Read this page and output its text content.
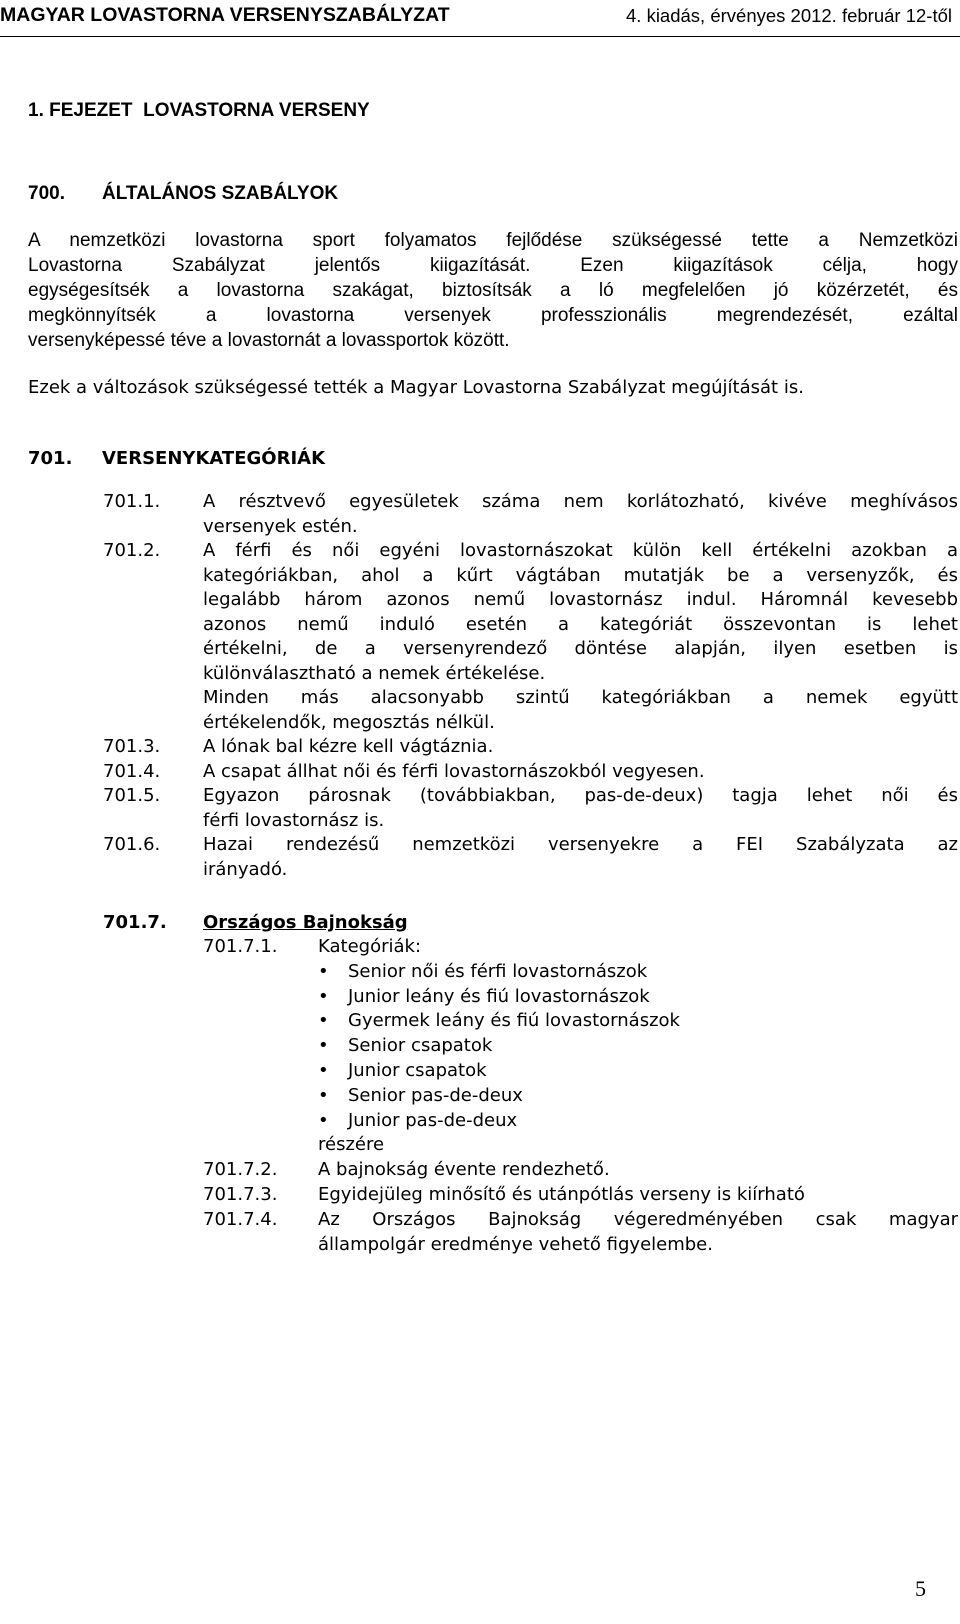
MAGYAR LOVASTORNA VERSENYSZABÁLYZAT	4. kiadás, érvényes 2012. február 12-től
1. FEJEZET  LOVASTORNA VERSENY
700. ÁLTALÁNOS SZABÁLYOK
A nemzetközi lovastorna sport folyamatos fejlődése szükségessé tette a Nemzetközi
Lovastorna Szabályzat jelentős kiigazítását. Ezen kiigazítások célja, hogy
egységesítsék a lovastorna szakágat, biztosítsák a ló megfelelően jó közérzetét, és
megkönnyítsék a lovastorna versenyek professzionális megrendezését, ezáltal
versenyképessé téve a lovastornát a lovassportok között.
Ezek a változások szükségessé tették a Magyar Lovastorna Szabályzat megújítását is.
701. VERSENYKATEGÓRIÁK
701.1.	A résztvevő egyesületek száma nem korlátozható, kivéve meghívásos
versenyek estén.
701.2.	A férfi és női egyéni lovastornászokat külön kell értékelni azokban a
kategóriákban, ahol a kűrt vágtában mutatják be a versenyzők, és
legalább három azonos nemű lovastornász indul. Háromnál kevesebb
azonos nemű induló esetén a kategóriát összevontan is lehet
értékelni, de a versenyrendező döntése alapján, ilyen esetben is
különválasztható a nemek értékelése.
Minden más alacsonyabb szintű kategóriákban a nemek együtt
értékelendők, megosztás nélkül.
701.3.	A lónak bal kézre kell vágtáznia.
701.4.	A csapat állhat női és férfi lovastornászokból vegyesen.
701.5.	Egyazon párosnak (továbbiakban, pas-de-deux) tagja lehet női és
férfi lovastornász is.
701.6.	Hazai rendezésű nemzetközi versenyekre a FEI Szabályzata az
irányadó.
701.7.	Országos Bajnokság
701.7.1.	Kategóriák:
•	Senior női és férfi lovastornászok
•	Junior leány és fiú lovastornászok
•	Gyermek leány és fiú lovastornászok
•	Senior csapatok
•	Junior csapatok
•	Senior pas-de-deux
•	Junior pas-de-deux
részére
701.7.2.	A bajnokság évente rendezhető.
701.7.3.	Egyidejüleg minősítő és utánpótlás verseny is kiírható
701.7.4.	Az Országos Bajnokság végeredményében csak magyar
állampolgár eredménye vehető figyelembe.
5
